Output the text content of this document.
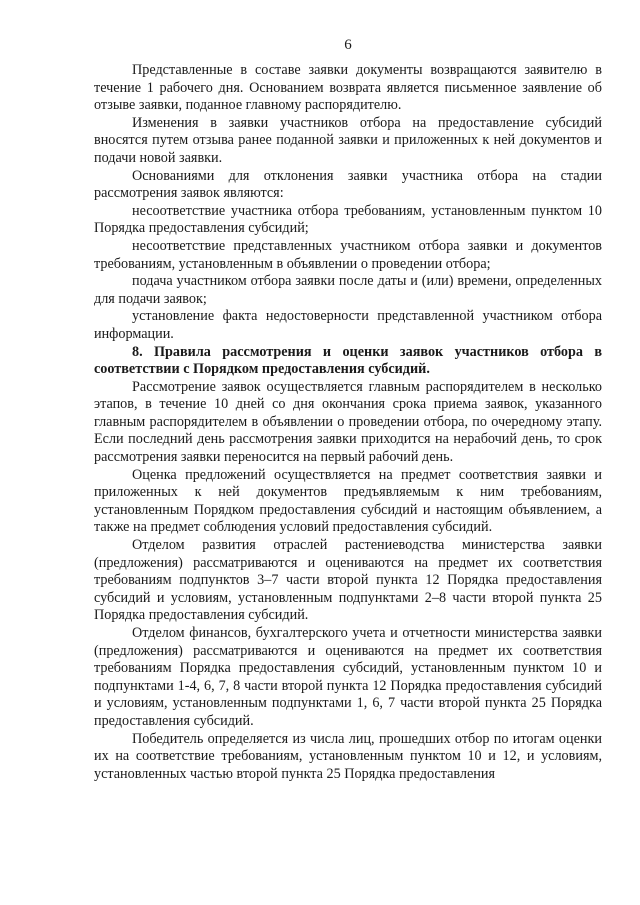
6

Представленные в составе заявки документы возвращаются заявителю в течение 1 рабочего дня. Основанием возврата является письменное заявление об отзыве заявки, поданное главному распорядителю.

Изменения в заявки участников отбора на предоставление субсидий вносятся путем отзыва ранее поданной заявки и приложенных к ней документов и подачи новой заявки.

Основаниями для отклонения заявки участника отбора на стадии рассмотрения заявок являются:

несоответствие участника отбора требованиям, установленным пунктом 10 Порядка предоставления субсидий;

несоответствие представленных участником отбора заявки и документов требованиям, установленным в объявлении о проведении отбора;

подача участником отбора заявки после даты и (или) времени, определенных для подачи заявок;

установление факта недостоверности представленной участником отбора информации.

8. Правила рассмотрения и оценки заявок участников отбора в соответствии с Порядком предоставления субсидий.

Рассмотрение заявок осуществляется главным распорядителем в несколько этапов, в течение 10 дней со дня окончания срока приема заявок, указанного главным распорядителем в объявлении о проведении отбора, по очередному этапу. Если последний день рассмотрения заявки приходится на нерабочий день, то срок рассмотрения заявки переносится на первый рабочий день.

Оценка предложений осуществляется на предмет соответствия заявки и приложенных к ней документов предъявляемым к ним требованиям, установленным Порядком предоставления субсидий и настоящим объявлением, а также на предмет соблюдения условий предоставления субсидий.

Отделом развития отраслей растениеводства министерства заявки (предложения) рассматриваются и оцениваются на предмет их соответствия требованиям подпунктов 3–7 части второй пункта 12 Порядка предоставления субсидий и условиям, установленным подпунктами 2–8 части второй пункта 25 Порядка предоставления субсидий.

Отделом финансов, бухгалтерского учета и отчетности министерства заявки (предложения) рассматриваются и оцениваются на предмет их соответствия требованиям Порядка предоставления субсидий, установленным пунктом 10 и подпунктами 1-4, 6, 7, 8 части второй пункта 12 Порядка предоставления субсидий и условиям, установленным подпунктами 1, 6, 7 части второй пункта 25 Порядка предоставления субсидий.

Победитель определяется из числа лиц, прошедших отбор по итогам оценки их на соответствие требованиям, установленным пунктом 10 и 12, и условиям, установленных частью второй пункта 25 Порядка предоставления
